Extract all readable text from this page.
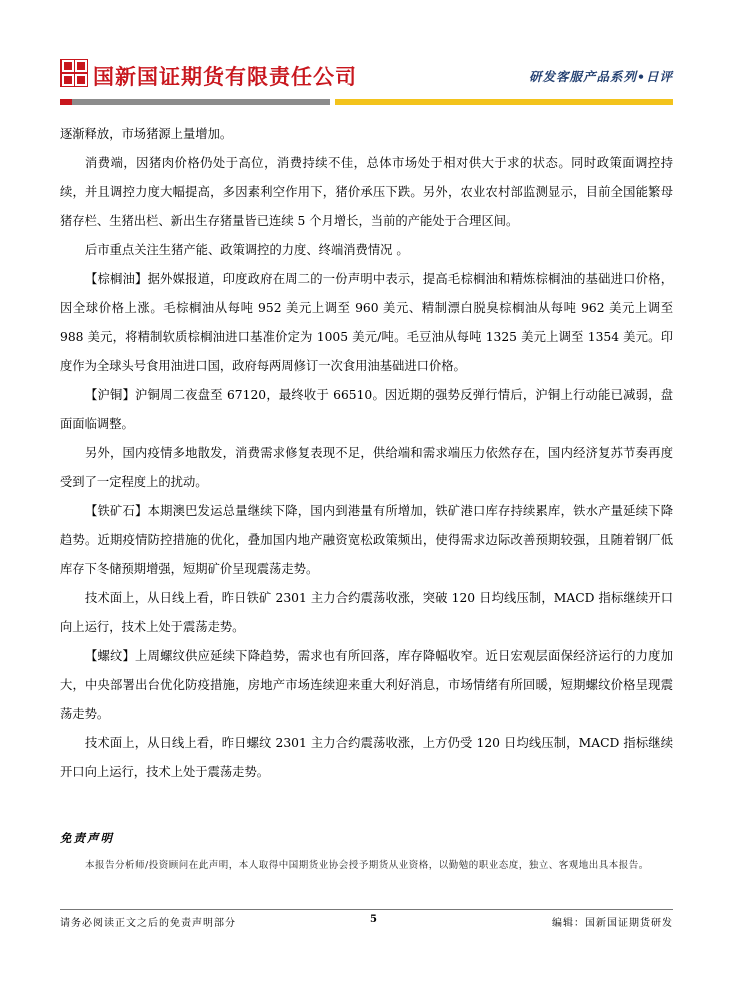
国新国证期货有限责任公司	研发客服产品系列•日评

逐渐释放，市场猪源上量增加。

消费端，因猪肉价格仍处于高位，消费持续不佳，总体市场处于相对供大于求的状态。同时政策面调控持续，并且调控力度大幅提高，多因素利空作用下，猪价承压下跌。另外，农业农村部监测显示，目前全国能繁母猪存栏、生猪出栏、新出生存猪量皆已连续 5 个月增长，当前的产能处于合理区间。

后市重点关注生猪产能、政策调控的力度、终端消费情况 。

【棕榈油】据外媒报道，印度政府在周二的一份声明中表示，提高毛棕榈油和精炼棕榈油的基础进口价格，因全球价格上涨。毛棕榈油从每吨 952 美元上调至 960 美元、精制漂白脱臭棕榈油从每吨 962 美元上调至 988 美元，将精制软质棕榈油进口基准价定为 1005 美元/吨。毛豆油从每吨 1325 美元上调至 1354 美元。印度作为全球头号食用油进口国，政府每两周修订一次食用油基础进口价格。

【沪铜】沪铜周二夜盘至 67120，最终收于 66510。因近期的强势反弹行情后，沪铜上行动能已减弱，盘面面临调整。

另外，国内疫情多地散发，消费需求修复表现不足，供给端和需求端压力依然存在，国内经济复苏节奏再度受到了一定程度上的扰动。

【铁矿石】本期澳巴发运总量继续下降，国内到港量有所增加，铁矿港口库存持续累库，铁水产量延续下降趋势。近期疫情防控措施的优化，叠加国内地产融资宽松政策频出，使得需求边际改善预期较强，且随着钢厂低库存下冬储预期增强，短期矿价呈现震荡走势。

技术面上，从日线上看，昨日铁矿 2301 主力合约震荡收涨，突破 120 日均线压制，MACD 指标继续开口向上运行，技术上处于震荡走势。

【螺纹】上周螺纹供应延续下降趋势，需求也有所回落，库存降幅收窄。近日宏观层面保经济运行的力度加大，中央部署出台优化防疫措施，房地产市场连续迎来重大利好消息，市场情绪有所回暖，短期螺纹价格呈现震荡走势。

技术面上，从日线上看，昨日螺纹 2301 主力合约震荡收涨，上方仍受 120 日均线压制，MACD 指标继续开口向上运行，技术上处于震荡走势。

免责声明
本报告分析师/投资顾问在此声明，本人取得中国期货业协会授予期货从业资格，以勤勉的职业态度，独立、客观地出具本报告。
请务必阅读正文之后的免责声明部分	5	编辑：国新国证期货研发
